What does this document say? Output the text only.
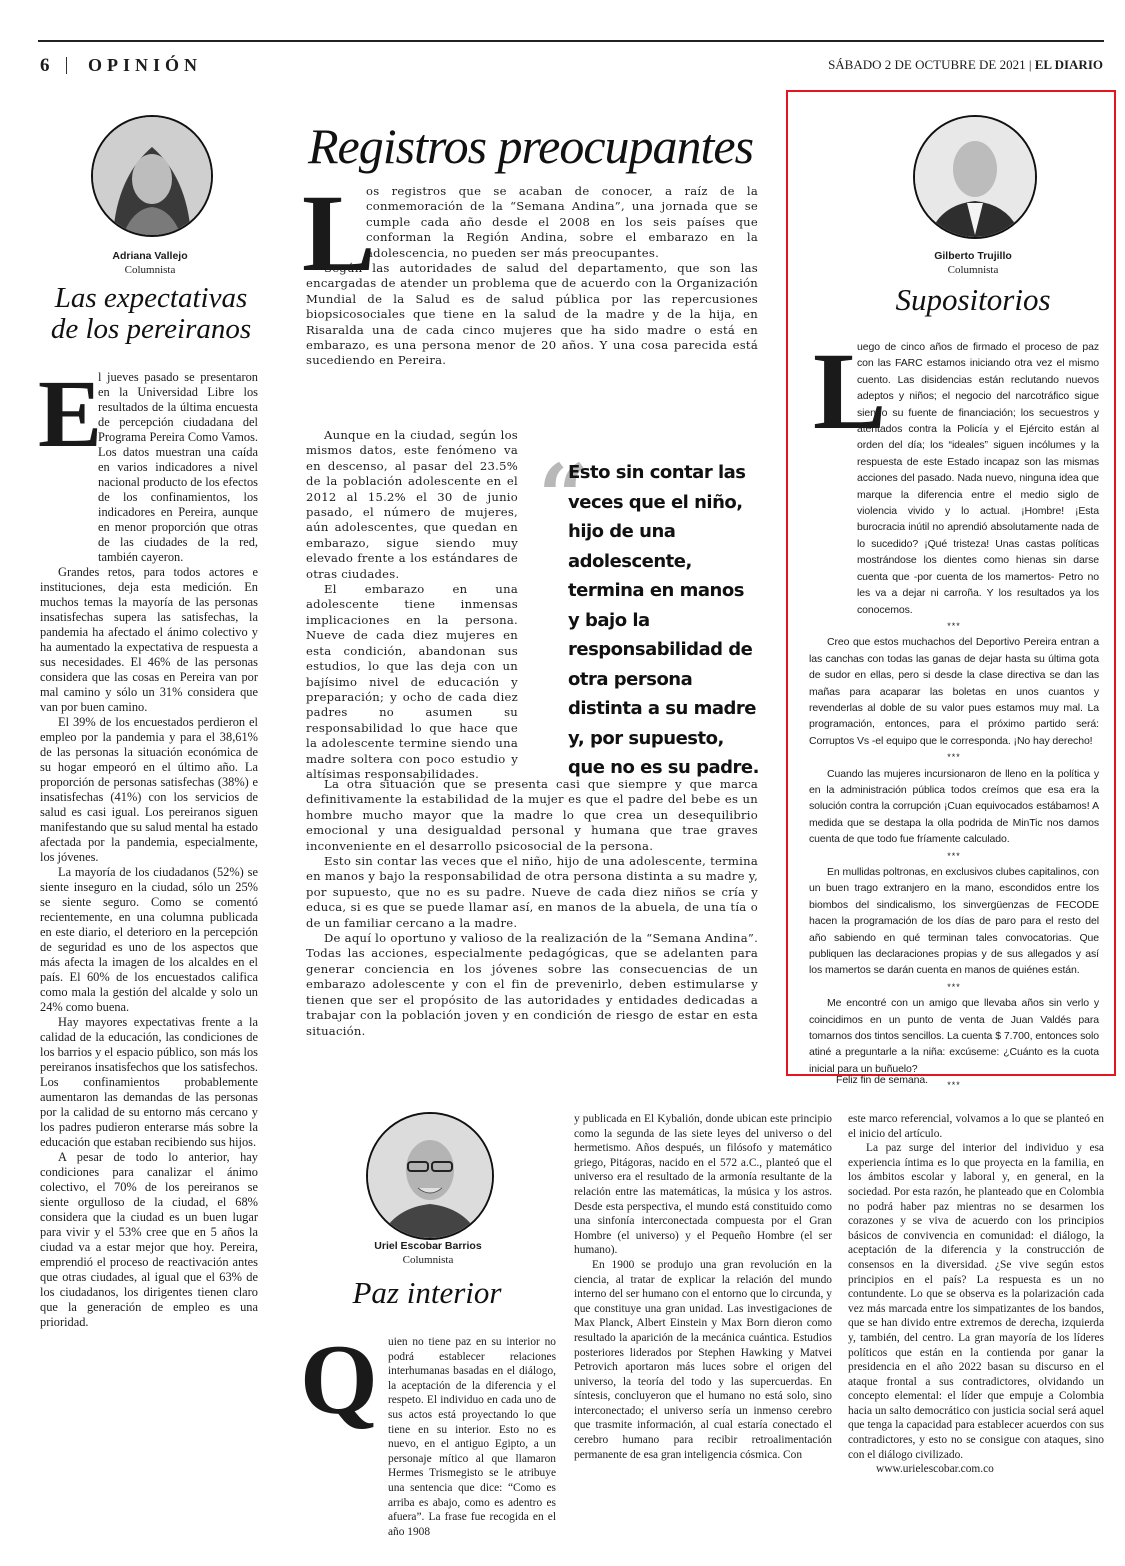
6 OPINIÓN	SÁBADO 2 DE OCTUBRE DE 2021 | EL DIARIO
Adriana Vallejo
Columnista
Las expectativas de los pereiranos
E

l jueves pasado se presentaron en la Universidad Libre los resultados de la última encuesta de percepción ciudadana del Programa Pereira Como Vamos. Los datos muestran una caída en varios indicadores a nivel nacional producto de los efectos de los confinamientos, los indicadores en Pereira, aunque en menor proporción que otras de las ciudades de la red, también cayeron.

Grandes retos, para todos actores e instituciones, deja esta medición. En muchos temas la mayoría de las personas insatisfechas supera las satisfechas, la pandemia ha afectado el ánimo colectivo y ha aumentado la expectativa de respuesta a sus necesidades. El 46% de las personas considera que las cosas en Pereira van por mal camino y sólo un 31% considera que van por buen camino.

El 39% de los encuestados perdieron el empleo por la pandemia y para el 38,61% de las personas la situación económica de su hogar empeoró en el último año. La proporción de personas satisfechas (38%) e insatisfechas (41%) con los servicios de salud es casi igual. Los pereiranos siguen manifestando que su salud mental ha estado afectada por la pandemia, especialmente, los jóvenes.

La mayoría de los ciudadanos (52%) se siente inseguro en la ciudad, sólo un 25% se siente seguro. Como se comentó recientemente, en una columna publicada en este diario, el deterioro en la percepción de seguridad es uno de los aspectos que más afecta la imagen de los alcaldes en el país. El 60% de los encuestados califica como mala la gestión del alcalde y solo un 24% como buena.

Hay mayores expectativas frente a la calidad de la educación, las condiciones de los barrios y el espacio público, son más los pereiranos insatisfechos que los satisfechos. Los confinamientos probablemente aumentaron las demandas de las personas por la calidad de su entorno más cercano y los padres pudieron enterarse más sobre la educación que estaban recibiendo sus hijos.

A pesar de todo lo anterior, hay condiciones para canalizar el ánimo colectivo, el 70% de los pereiranos se siente orgulloso de la ciudad, el 68% considera que la ciudad es un buen lugar para vivir y el 53% cree que en 5 años la ciudad va a estar mejor que hoy. Pereira, emprendió el proceso de reactivación antes que otras ciudades, al igual que el 63% de los ciudadanos, los dirigentes tienen claro que la generación de empleo es una prioridad.

Registros preocupantes
L

os registros que se acaban de conocer, a raíz de la conmemoración de la “Semana Andina”, una jornada que se cumple cada año desde el 2008 en los seis países que conforman la Región Andina, sobre el embarazo en la adolescencia, no pueden ser más preocupantes.

Según las autoridades de salud del departamento, que son las encargadas de atender un problema que de acuerdo con la Organización Mundial de la Salud es de salud pública por las repercusiones biopsicosociales que tiene en la salud de la madre y de la hija, en Risaralda una de cada cinco mujeres que ha sido madre o está en embarazo, es una persona menor de 20 años. Y una cosa parecida está sucediendo en Pereira.

Aunque en la ciudad, según los mismos datos, este fenómeno va en descenso, al pasar del 23.5% de la población adolescente en el 2012 al 15.2% el 30 de junio pasado, el número de mujeres, aún adolescentes, que quedan en embarazo, sigue siendo muy elevado frente a los estándares de otras ciudades.

El embarazo en una adolescente tiene inmensas implicaciones en la persona. Nueve de cada diez mujeres en esta condición, abandonan sus estudios, lo que las deja con un bajísimo nivel de educación y preparación; y ocho de cada diez padres no asumen su responsabilidad lo que hace que la adolescente termine siendo una madre soltera con poco estudio y altísimas responsabilidades.

La otra situación que se presenta casi que siempre y que marca definitivamente la estabilidad de la mujer es que el padre del bebe es un hombre mucho mayor que la madre lo que crea un desequilibrio emocional y una desigualdad personal y humana que trae graves inconveniente en el desarrollo psicosocial de la persona.

Esto sin contar las veces que el niño, hijo de una adolescente, termina en manos y bajo la responsabilidad de otra persona distinta a su madre y, por supuesto, que no es su padre. Nueve de cada diez niños se cría y educa, si es que se puede llamar así, en manos de la abuela, de una tía o de un familiar cercano a la madre.

De aquí lo oportuno y valioso de la realización de la “Semana Andina”. Todas las acciones, especialmente pedagógicas, que se adelanten para generar conciencia en los jóvenes sobre las consecuencias de un embarazo adolescente y con el fin de prevenirlo, deben estimularse y tienen que ser el propósito de las autoridades y entidades dedicadas a trabajar con la población joven y en condición de riesgo de estar en esta situación.

“
Esto sin contar las veces que el niño, hijo de una adolescente, termina en manos y bajo la responsabilidad de otra persona distinta a su madre y, por supuesto, que no es su padre.
Gilberto Trujillo
Columnista
Supositorios
L

uego de cinco años de firmado el proceso de paz con las FARC estamos iniciando otra vez el mismo cuento. Las disidencias están reclutando nuevos adeptos y niños; el negocio del narcotráfico sigue siendo su fuente de financiación; los secuestros y atentados contra la Policía y el Ejército están al orden del día; los “ideales” siguen incólumes y la respuesta de este Estado incapaz son las mismas acciones del pasado. Nada nuevo, ninguna idea que marque la diferencia entre el medio siglo de violencia vivido y lo actual. ¡Hombre! ¡Esta burocracia inútil no aprendió absolutamente nada de lo sucedido? ¡Qué tristeza! Unas castas políticas mostrándose los dientes como hienas sin darse cuenta que -por cuenta de los mamertos- Petro no les va a dejar ni carroña. Y los resultados ya los conocemos.

***

Creo que estos muchachos del Deportivo Pereira entran a las canchas con todas las ganas de dejar hasta su última gota de sudor en ellas, pero si desde la clase directiva se dan las mañas para acaparar las boletas en unos cuantos y revenderlas al doble de su valor pues estamos muy mal. La programación, entonces, para el próximo partido será: Corruptos Vs -el equipo que le corresponda. ¡No hay derecho!

***

Cuando las mujeres incursionaron de lleno en la política y en la administración pública todos creímos que esa era la solución contra la corrupción ¡Cuan equivocados estábamos! A medida que se destapa la olla podrida de MinTic nos damos cuenta de que todo fue fríamente calculado.

***

En mullidas poltronas, en exclusivos clubes capitalinos, con un buen trago extranjero en la mano, escondidos entre los biombos del sindicalismo, los sinvergüenzas de FECODE hacen la programación de los días de paro para el resto del año sabiendo en qué terminan tales convocatorias. Que publiquen las declaraciones propias y de sus allegados y así los mamertos se darán cuenta en manos de quiénes están.

***

Me encontré con un amigo que llevaba años sin verlo y coincidimos en un punto de venta de Juan Valdés para tomarnos dos tintos sencillos. La cuenta $ 7.700, entonces solo atiné a preguntarle a la niña: excúseme: ¿Cuánto es la cuota inicial para un buñuelo?

***

Feliz fin de semana.
Uriel Escobar Barrios
Columnista
Paz interior
Q uien no tiene paz en su interior no podrá establecer relaciones interhumanas basadas en el diálogo, la aceptación de la diferencia y el respeto. El individuo en cada uno de sus actos está proyectando lo que tiene en su interior. Esto no es nuevo, en el antiguo Egipto, a un personaje mítico al que llamaron Hermes Trismegisto se le atribuye una sentencia que dice: “Como es arriba es abajo, como es adentro es afuera”. La frase fue recogida en el año 1908

y publicada en El Kybalión, donde ubican este principio como la segunda de las siete leyes del universo o del hermetismo. Años después, un filósofo y matemático griego, Pitágoras, nacido en el 572 a.C., planteó que el universo era el resultado de la armonía resultante de la relación entre las matemáticas, la música y los astros. Desde esta perspectiva, el mundo está constituido como una sinfonía interconectada compuesta por el Gran Hombre (el universo) y el Pequeño Hombre (el ser humano).

En 1900 se produjo una gran revolución en la ciencia, al tratar de explicar la relación del mundo interno del ser humano con el entorno que lo circunda, y que constituye una gran unidad. Las investigaciones de Max Planck, Albert Einstein y Max Born dieron como resultado la aparición de la mecánica cuántica. Estudios posteriores liderados por Stephen Hawking y Matvei Petrovich aportaron más luces sobre el origen del universo, la teoría del todo y las supercuerdas. En síntesis, concluyeron que el humano no está solo, sino interconectado; el universo sería un inmenso cerebro que trasmite información, al cual estaría conectado el cerebro humano para recibir retroalimentación permanente de esa gran inteligencia cósmica. Con

este marco referencial, volvamos a lo que se planteó en el inicio del artículo.

La paz surge del interior del individuo y esa experiencia íntima es lo que proyecta en la familia, en los ámbitos escolar y laboral y, en general, en la sociedad. Por esta razón, he planteado que en Colombia no podrá haber paz mientras no se desarmen los corazones y se viva de acuerdo con los principios básicos de convivencia en comunidad: el diálogo, la aceptación de la diferencia y la construcción de consensos en la diversidad. ¿Se vive según estos principios en el país? La respuesta es un no contundente. Lo que se observa es la polarización cada vez más marcada entre los simpatizantes de los bandos, que se han divido entre extremos de derecha, izquierda y, también, del centro. La gran mayoría de los líderes políticos que están en la contienda por ganar la presidencia en el año 2022 basan su discurso en el ataque frontal a sus contradictores, olvidando un concepto elemental: el líder que empuje a Colombia hacia un salto democrático con justicia social será aquel que tenga la capacidad para establecer acuerdos con sus contradictores, y esto no se consigue con ataques, sino con el diálogo civilizado.

www.urielescobar.com.co
